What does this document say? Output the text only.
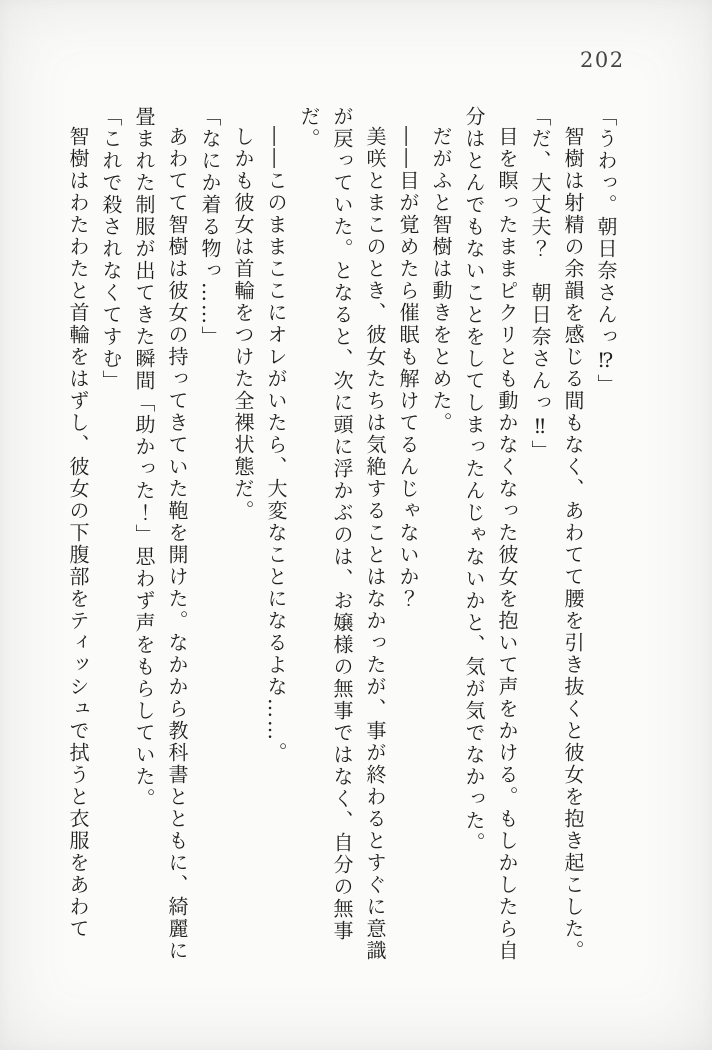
202

「うわっ。朝日奈さんっ⁉」

智樹は射精の余韻を感じる間もなく、あわてて腰を引き抜くと彼女を抱き起こした。

「だ、大丈夫？　朝日奈さんっ‼」

目を瞑ったままピクリとも動かなくなった彼女を抱いて声をかける。もしかしたら自分はとんでもないことをしてしまったんじゃないかと、気が気でなかった。

だがふと智樹は動きをとめた。

――目が覚めたら催眠も解けてるんじゃないか？

美咲とまこのとき、彼女たちは気絶することはなかったが、事が終わるとすぐに意識が戻っていた。となると、次に頭に浮かぶのは、お嬢様の無事ではなく、自分の無事だ。

――このままここにオレがいたら、大変なことになるよな……。

しかも彼女は首輪をつけた全裸状態だ。

「なにか着る物っ……」

あわてて智樹は彼女の持ってきていた鞄を開けた。なかから教科書とともに、綺麗に畳まれた制服が出てきた瞬間「助かった！」思わず声をもらしていた。

「これで殺されなくてすむ」

智樹はわたわたと首輪をはずし、彼女の下腹部をティッシュで拭うと衣服をあわて
